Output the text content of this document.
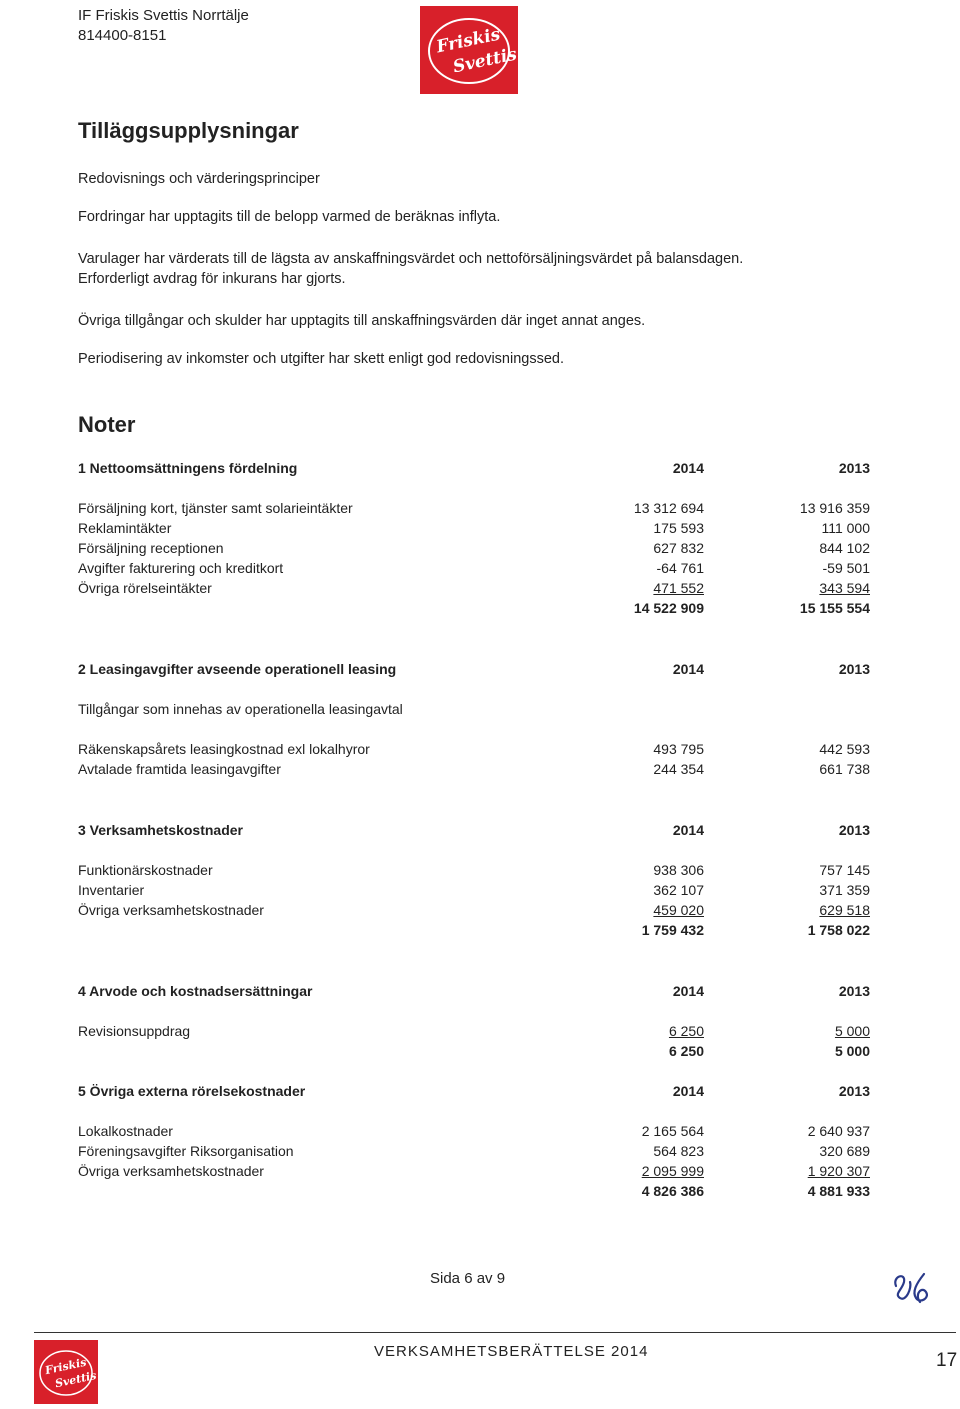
IF Friskis Svettis Norrtälje
814400-8151	Friskis
Svettis
Tilläggsupplysningar
Redovisnings och värderingsprinciper
Fordringar har upptagits till de belopp varmed de beräknas inflyta.
Varulager har värderats till de lägsta av anskaffningsvärdet och nettoförsäljningsvärdet på balansdagen.
Erforderligt avdrag för inkurans har gjorts.
Övriga tillgångar och skulder har upptagits till anskaffningsvärden där inget annat anges.
Periodisering av inkomster och utgifter har skett enligt god redovisningssed.
Noter
1 Nettoomsättningens fördelning	2014	2013
Försäljning kort, tjänster samt solarieintäkter	13 312 694	13 916 359
Reklamintäkter	175 593	111 000
Försäljning receptionen	627 832	844 102
Avgifter fakturering och kreditkort	-64 761	-59 501
Övriga rörelseintäkter	471 552	343 594
14 522 909	15 155 554
2 Leasingavgifter avseende operationell leasing	2014	2013
Tillgångar som innehas av operationella leasingavtal
Räkenskapsårets leasingkostnad exl lokalhyror	493 795	442 593
Avtalade framtida leasingavgifter	244 354	661 738
3 Verksamhetskostnader	2014	2013
Funktionärskostnader	938 306	757 145
Inventarier	362 107	371 359
Övriga verksamhetskostnader	459 020	629 518
1 759 432	1 758 022
4 Arvode och kostnadsersättningar	2014	2013
Revisionsuppdrag	6 250	5 000
6 250	5 000
5 Övriga externa rörelsekostnader	2014	2013
Lokalkostnader	2 165 564	2 640 937
Föreningsavgifter Riksorganisation	564 823	320 689
Övriga verksamhetskostnader	2 095 999	1 920 307
4 826 386	4 881 933
Sida 6 av 9
Friskis
Svettis
VERKSAMHETSBERÄTTELSE 2014	17
